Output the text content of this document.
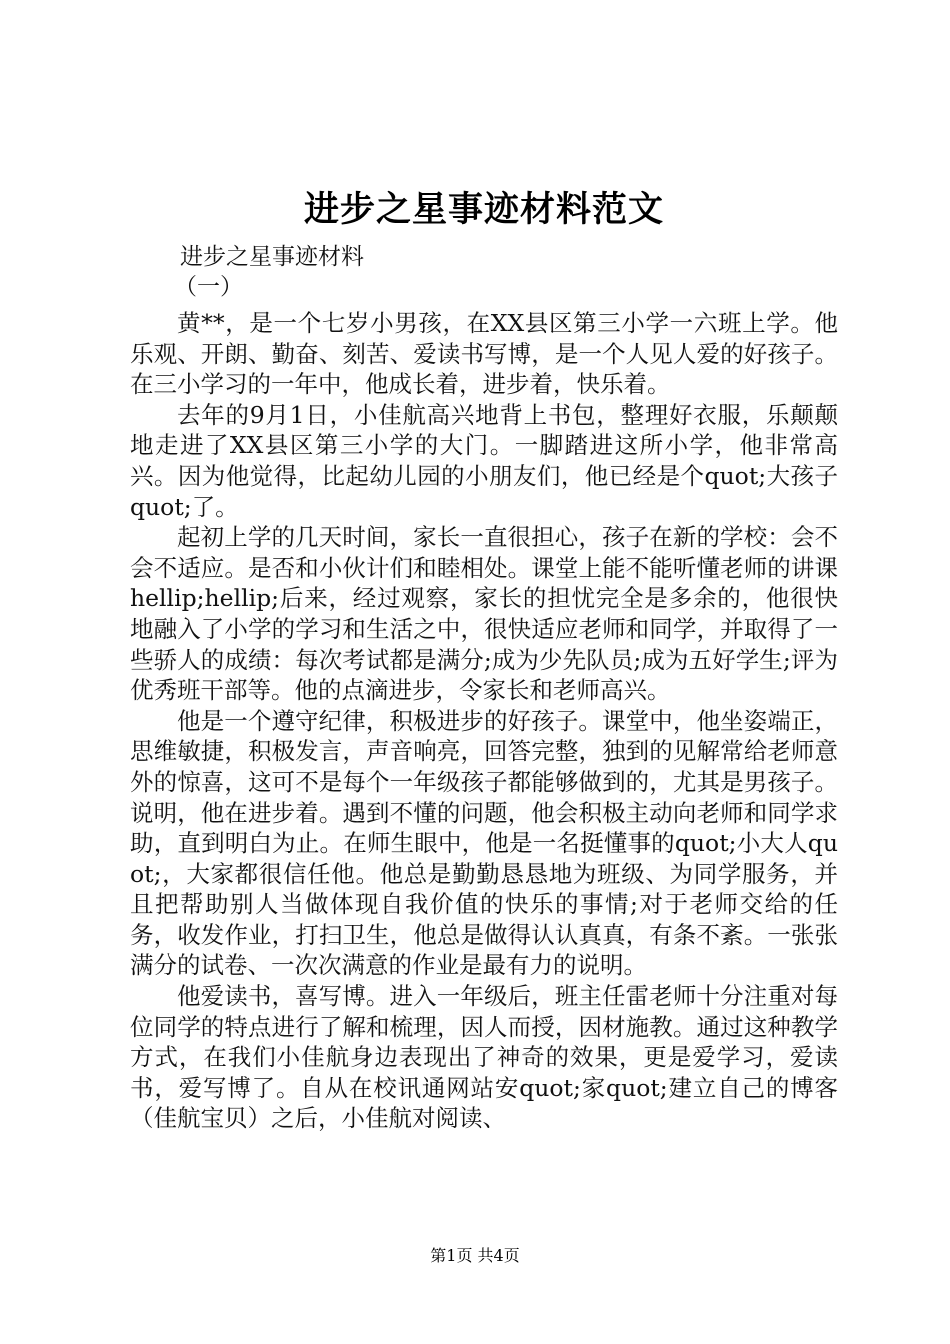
进步之星事迹材料范文

进步之星事迹材料

（一）

黄**，是一个七岁小男孩，在XX县区第三小学一六班上学。他乐观、开朗、勤奋、刻苦、爱读书写博，是一个人见人爱的好孩子。在三小学习的一年中，他成长着，进步着，快乐着。

去年的9月1日，小佳航高兴地背上书包，整理好衣服，乐颠颠地走进了XX县区第三小学的大门。一脚踏进这所小学，他非常高兴。因为他觉得，比起幼儿园的小朋友们，他已经是个quot;大孩子quot;了。

起初上学的几天时间，家长一直很担心，孩子在新的学校：会不会不适应。是否和小伙计们和睦相处。课堂上能不能听懂老师的讲课hellip;hellip;后来，经过观察，家长的担忧完全是多余的，他很快地融入了小学的学习和生活之中，很快适应老师和同学，并取得了一些骄人的成绩：每次考试都是满分;成为少先队员;成为五好学生;评为优秀班干部等。他的点滴进步，令家长和老师高兴。

他是一个遵守纪律，积极进步的好孩子。课堂中，他坐姿端正，思维敏捷，积极发言，声音响亮，回答完整，独到的见解常给老师意外的惊喜，这可不是每个一年级孩子都能够做到的，尤其是男孩子。说明，他在进步着。遇到不懂的问题，他会积极主动向老师和同学求助，直到明白为止。在师生眼中，他是一名挺懂事的quot;小大人quot;，大家都很信任他。他总是勤勤恳恳地为班级、为同学服务，并且把帮助别人当做体现自我价值的快乐的事情;对于老师交给的任务，收发作业，打扫卫生，他总是做得认认真真，有条不紊。一张张满分的试卷、一次次满意的作业是最有力的说明。

他爱读书，喜写博。进入一年级后，班主任雷老师十分注重对每位同学的特点进行了解和梳理，因人而授，因材施教。通过这种教学方式，在我们小佳航身边表现出了神奇的效果，更是爱学习，爱读书，爱写博了。自从在校讯通网站安quot;家quot;建立自己的博客（佳航宝贝）之后，小佳航对阅读、

第1页 共4页
